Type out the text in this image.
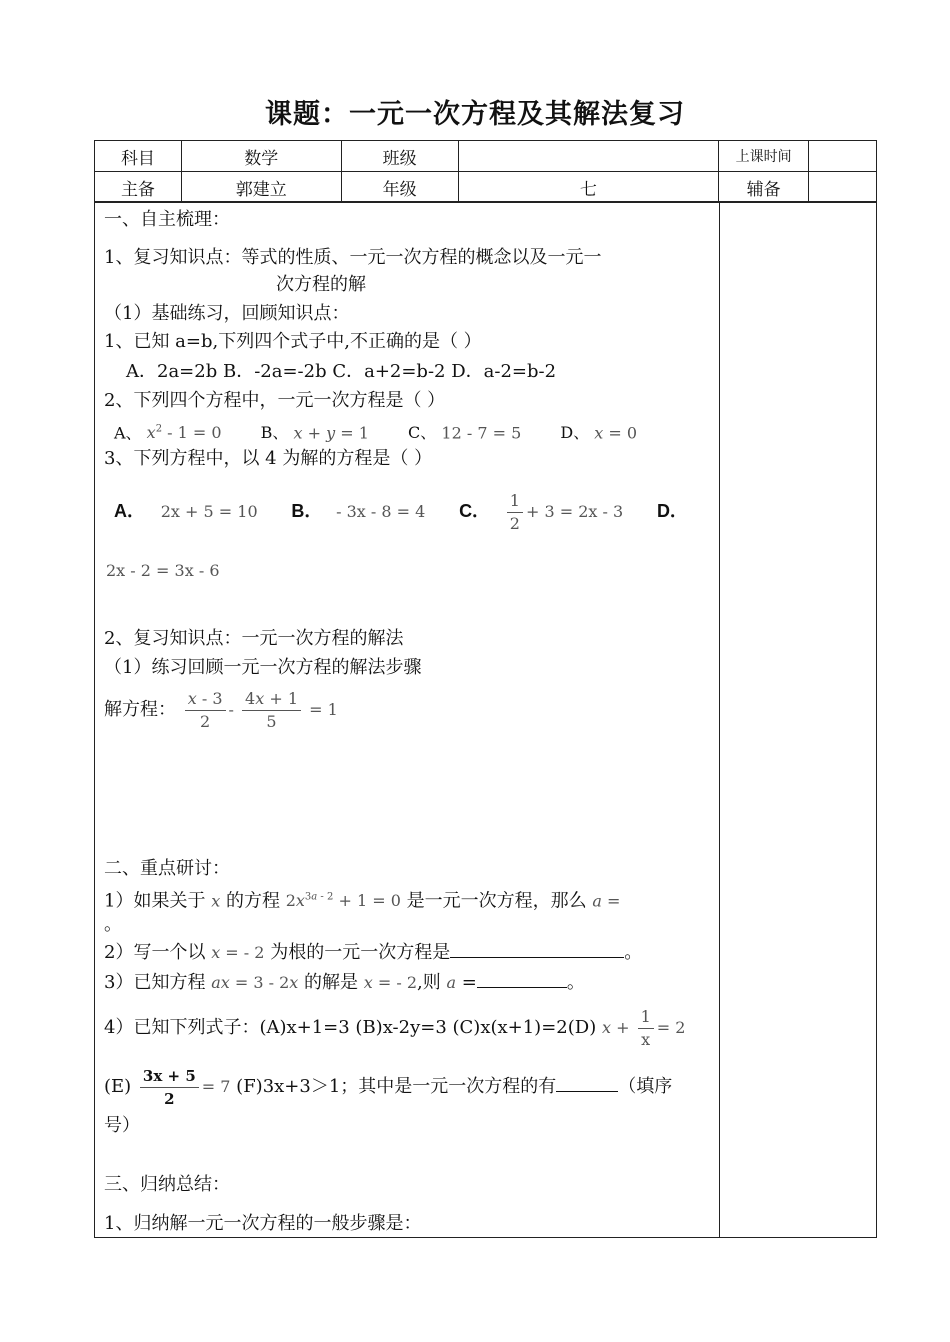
课题：一元一次方程及其解法复习
科目	数学	班级		上课时间	
主备	郭建立	年级	七	辅备	
一、自主梳理：
1、复习知识点：等式的性质、一元一次方程的概念以及一元一
次方程的解
（1）基础练习，回顾知识点：
1、已知 a=b,下列四个式子中,不正确的是（ ）
A．2a=2b B．-2a=-2b C．a+2=b-2 D．a-2=b-2
2、下列四个方程中，一元一次方程是（ ）
A、 $x^2 - 1 = 0$ B、 x + y = 1 C、 12 - 7 = 5 D、 x = 0
3、下列方程中，以 4 为解的方程是（ ）
A． 2x + 5 = 10 B． - 3x - 8 = 4 C． $\frac{1}{2} + 3 = 2x - 3$ D．
2x - 2 = 3x - 6
2、复习知识点：一元一次方程的解法
（1）练习回顾一元一次方程的解法步骤
解方程： $\frac{x - 3}{2} - \frac{4x + 1}{5} = 1$
二、重点研讨：
1）如果关于 x 的方程 $2x^{3a - 2} + 1 = 0$ 是一元一次方程，那么 a =
。
2）写一个以 x = - 2 为根的一元一次方程是	。
3）已知方程 ax = 3 - 2x 的解是 x = - 2,则 a =	。
4）已知下列式子：(A)x+1=3 (B)x-2y=3 (C)x(x+1)=2(D) $x + \frac{1}{x} = 2$
$(E) \frac{3x + 5}{2} = 7$ (F)3x+3＞1；其中是一元一次方程的有	（填序
号）
三、归纳总结：
1、归纳解一元一次方程的一般步骤是：
